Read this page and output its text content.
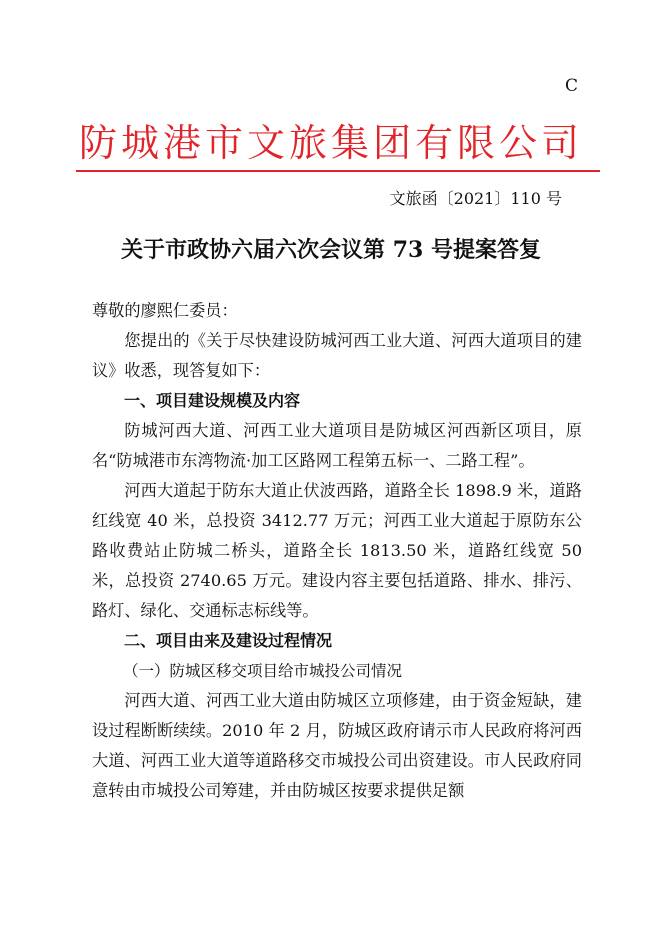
C
防城港市文旅集团有限公司
文旅函〔2021〕110 号
关于市政协六届六次会议第 73 号提案答复

尊敬的廖熙仁委员：

您提出的《关于尽快建设防城河西工业大道、河西大道项目的建议》收悉，现答复如下：

一、项目建设规模及内容

防城河西大道、河西工业大道项目是防城区河西新区项目，原名“防城港市东湾物流·加工区路网工程第五标一、二路工程”。

河西大道起于防东大道止伏波西路，道路全长 1898.9 米，道路红线宽 40 米，总投资 3412.77 万元；河西工业大道起于原防东公路收费站止防城二桥头，道路全长 1813.50 米，道路红线宽 50 米，总投资 2740.65 万元。建设内容主要包括道路、排水、排污、路灯、绿化、交通标志标线等。

二、项目由来及建设过程情况

（一）防城区移交项目给市城投公司情况

河西大道、河西工业大道由防城区立项修建，由于资金短缺，建设过程断断续续。2010 年 2 月，防城区政府请示市人民政府将河西大道、河西工业大道等道路移交市城投公司出资建设。市人民政府同意转由市城投公司筹建，并由防城区按要求提供足额
